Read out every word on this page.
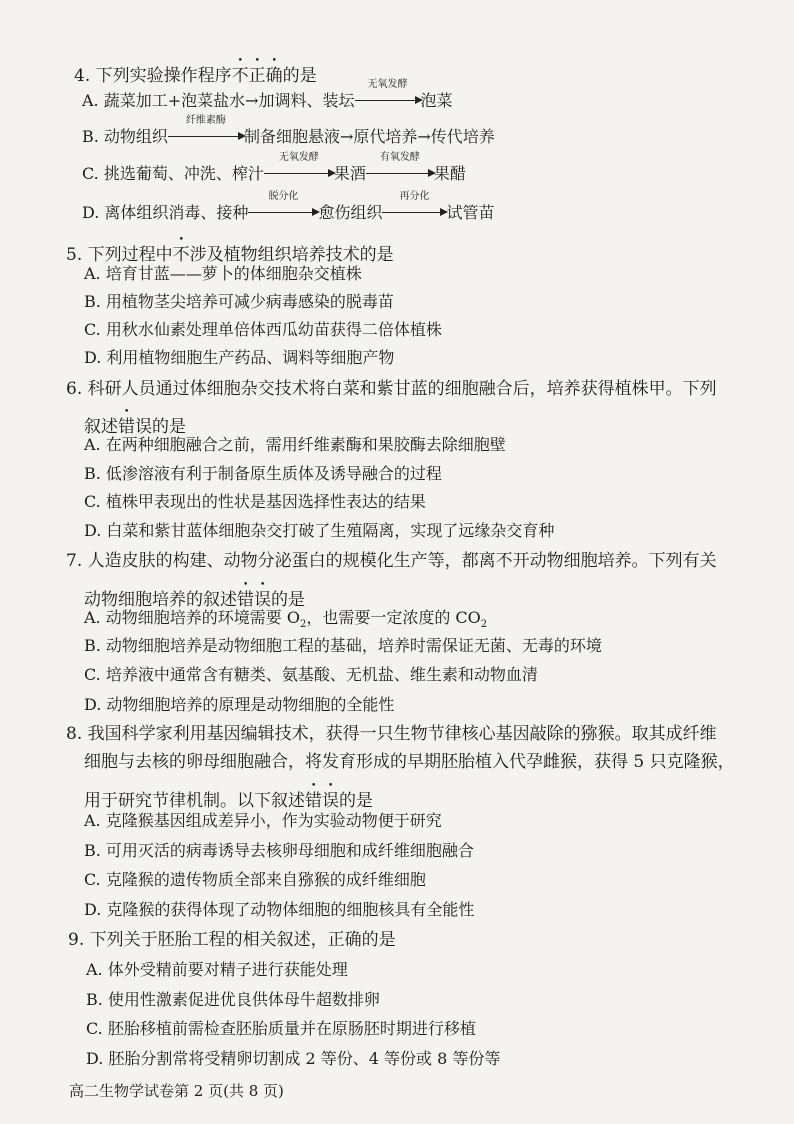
4. 下列实验操作程序不正确的是
A. 蔬菜加工+泡菜盐水→加调料、装坛
无氧发酵
泡菜
B. 动物组织
纤维素酶
制备细胞悬液→原代培养→传代培养
C. 挑选葡萄、冲洗、榨汁
无氧发酵
果酒
有氧发酵
果醋
D. 离体组织消毒、接种
脱分化
愈伤组织
再分化
试管苗
5. 下列过程中不涉及植物组织培养技术的是
A. 培育甘蓝——萝卜的体细胞杂交植株
B. 用植物茎尖培养可减少病毒感染的脱毒苗
C. 用秋水仙素处理单倍体西瓜幼苗获得二倍体植株
D. 利用植物细胞生产药品、调料等细胞产物
6. 科研人员通过体细胞杂交技术将白菜和紫甘蓝的细胞融合后，培养获得植株甲。下列
叙述错误的是
A. 在两种细胞融合之前，需用纤维素酶和果胶酶去除细胞壁
B. 低渗溶液有利于制备原生质体及诱导融合的过程
C. 植株甲表现出的性状是基因选择性表达的结果
D. 白菜和紫甘蓝体细胞杂交打破了生殖隔离，实现了远缘杂交育种
7. 人造皮肤的构建、动物分泌蛋白的规模化生产等，都离不开动物细胞培养。下列有关
动物细胞培养的叙述错误的是
A. 动物细胞培养的环境需要 $O_2$，也需要一定浓度的 $CO_2$
B. 动物细胞培养是动物细胞工程的基础，培养时需保证无菌、无毒的环境
C. 培养液中通常含有糖类、氨基酸、无机盐、维生素和动物血清
D. 动物细胞培养的原理是动物细胞的全能性
8. 我国科学家利用基因编辑技术，获得一只生物节律核心基因敲除的猕猴。取其成纤维
细胞与去核的卵母细胞融合，将发育形成的早期胚胎植入代孕雌猴，获得 5 只克隆猴，
用于研究节律机制。以下叙述错误的是
A. 克隆猴基因组成差异小，作为实验动物便于研究
B. 可用灭活的病毒诱导去核卵母细胞和成纤维细胞融合
C. 克隆猴的遗传物质全部来自猕猴的成纤维细胞
D. 克隆猴的获得体现了动物体细胞的细胞核具有全能性
9. 下列关于胚胎工程的相关叙述，正确的是
A. 体外受精前要对精子进行获能处理
B. 使用性激素促进优良供体母牛超数排卵
C. 胚胎移植前需检查胚胎质量并在原肠胚时期进行移植
D. 胚胎分割常将受精卵切割成 2 等份、4 等份或 8 等份等
高二生物学试卷第 2 页(共 8 页)
